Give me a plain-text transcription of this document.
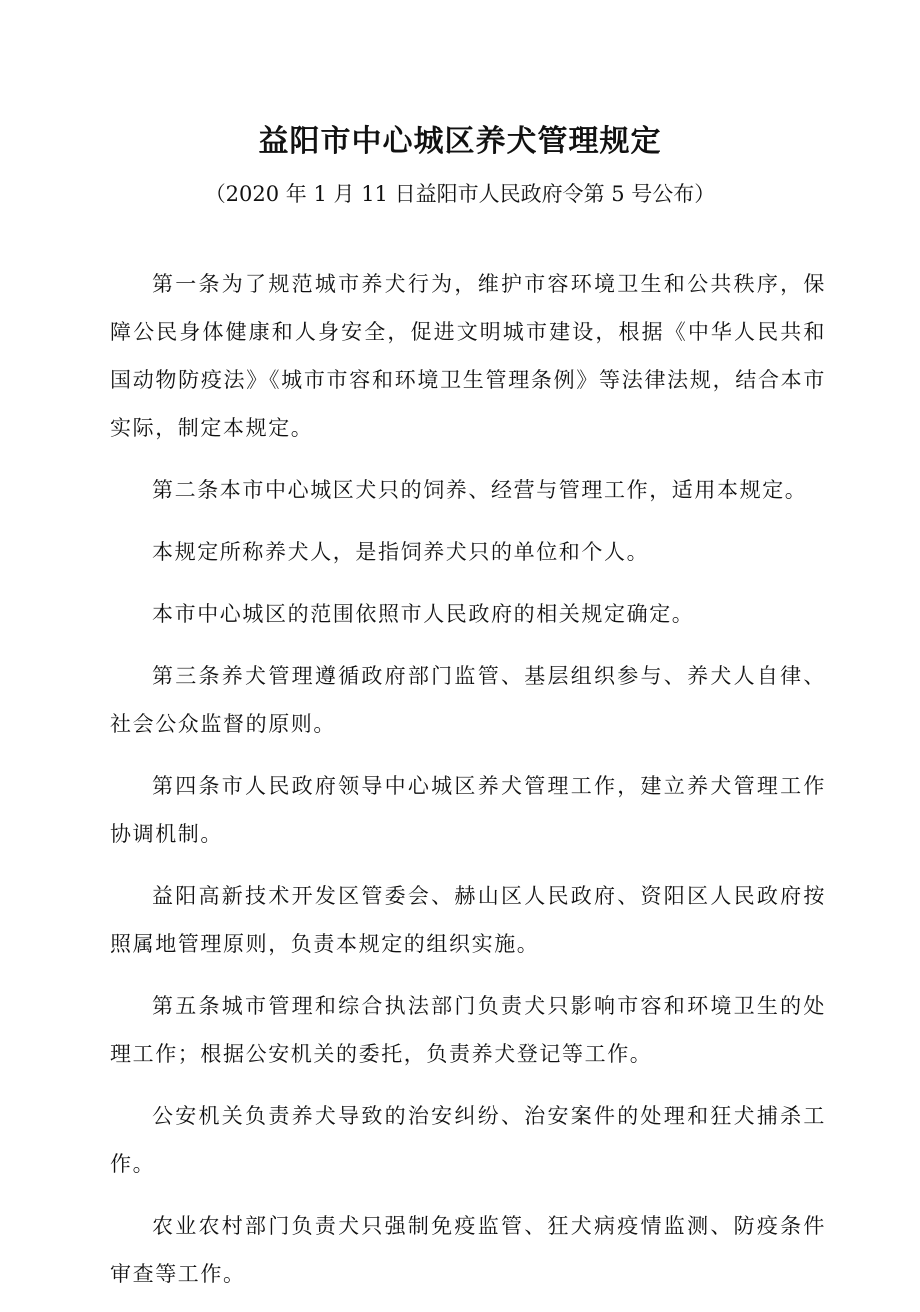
益阳市中心城区养犬管理规定
（2020 年 1 月 11 日益阳市人民政府令第 5 号公布）

第一条为了规范城市养犬行为，维护市容环境卫生和公共秩序，保障公民身体健康和人身安全，促进文明城市建设，根据《中华人民共和国动物防疫法》《城市市容和环境卫生管理条例》等法律法规，结合本市实际，制定本规定。

第二条本市中心城区犬只的饲养、经营与管理工作，适用本规定。

本规定所称养犬人，是指饲养犬只的单位和个人。

本市中心城区的范围依照市人民政府的相关规定确定。

第三条养犬管理遵循政府部门监管、基层组织参与、养犬人自律、社会公众监督的原则。

第四条市人民政府领导中心城区养犬管理工作，建立养犬管理工作协调机制。

益阳高新技术开发区管委会、赫山区人民政府、资阳区人民政府按照属地管理原则，负责本规定的组织实施。

第五条城市管理和综合执法部门负责犬只影响市容和环境卫生的处理工作；根据公安机关的委托，负责养犬登记等工作。

公安机关负责养犬导致的治安纠纷、治安案件的处理和狂犬捕杀工作。

农业农村部门负责犬只强制免疫监管、狂犬病疫情监测、防疫条件审查等工作。
